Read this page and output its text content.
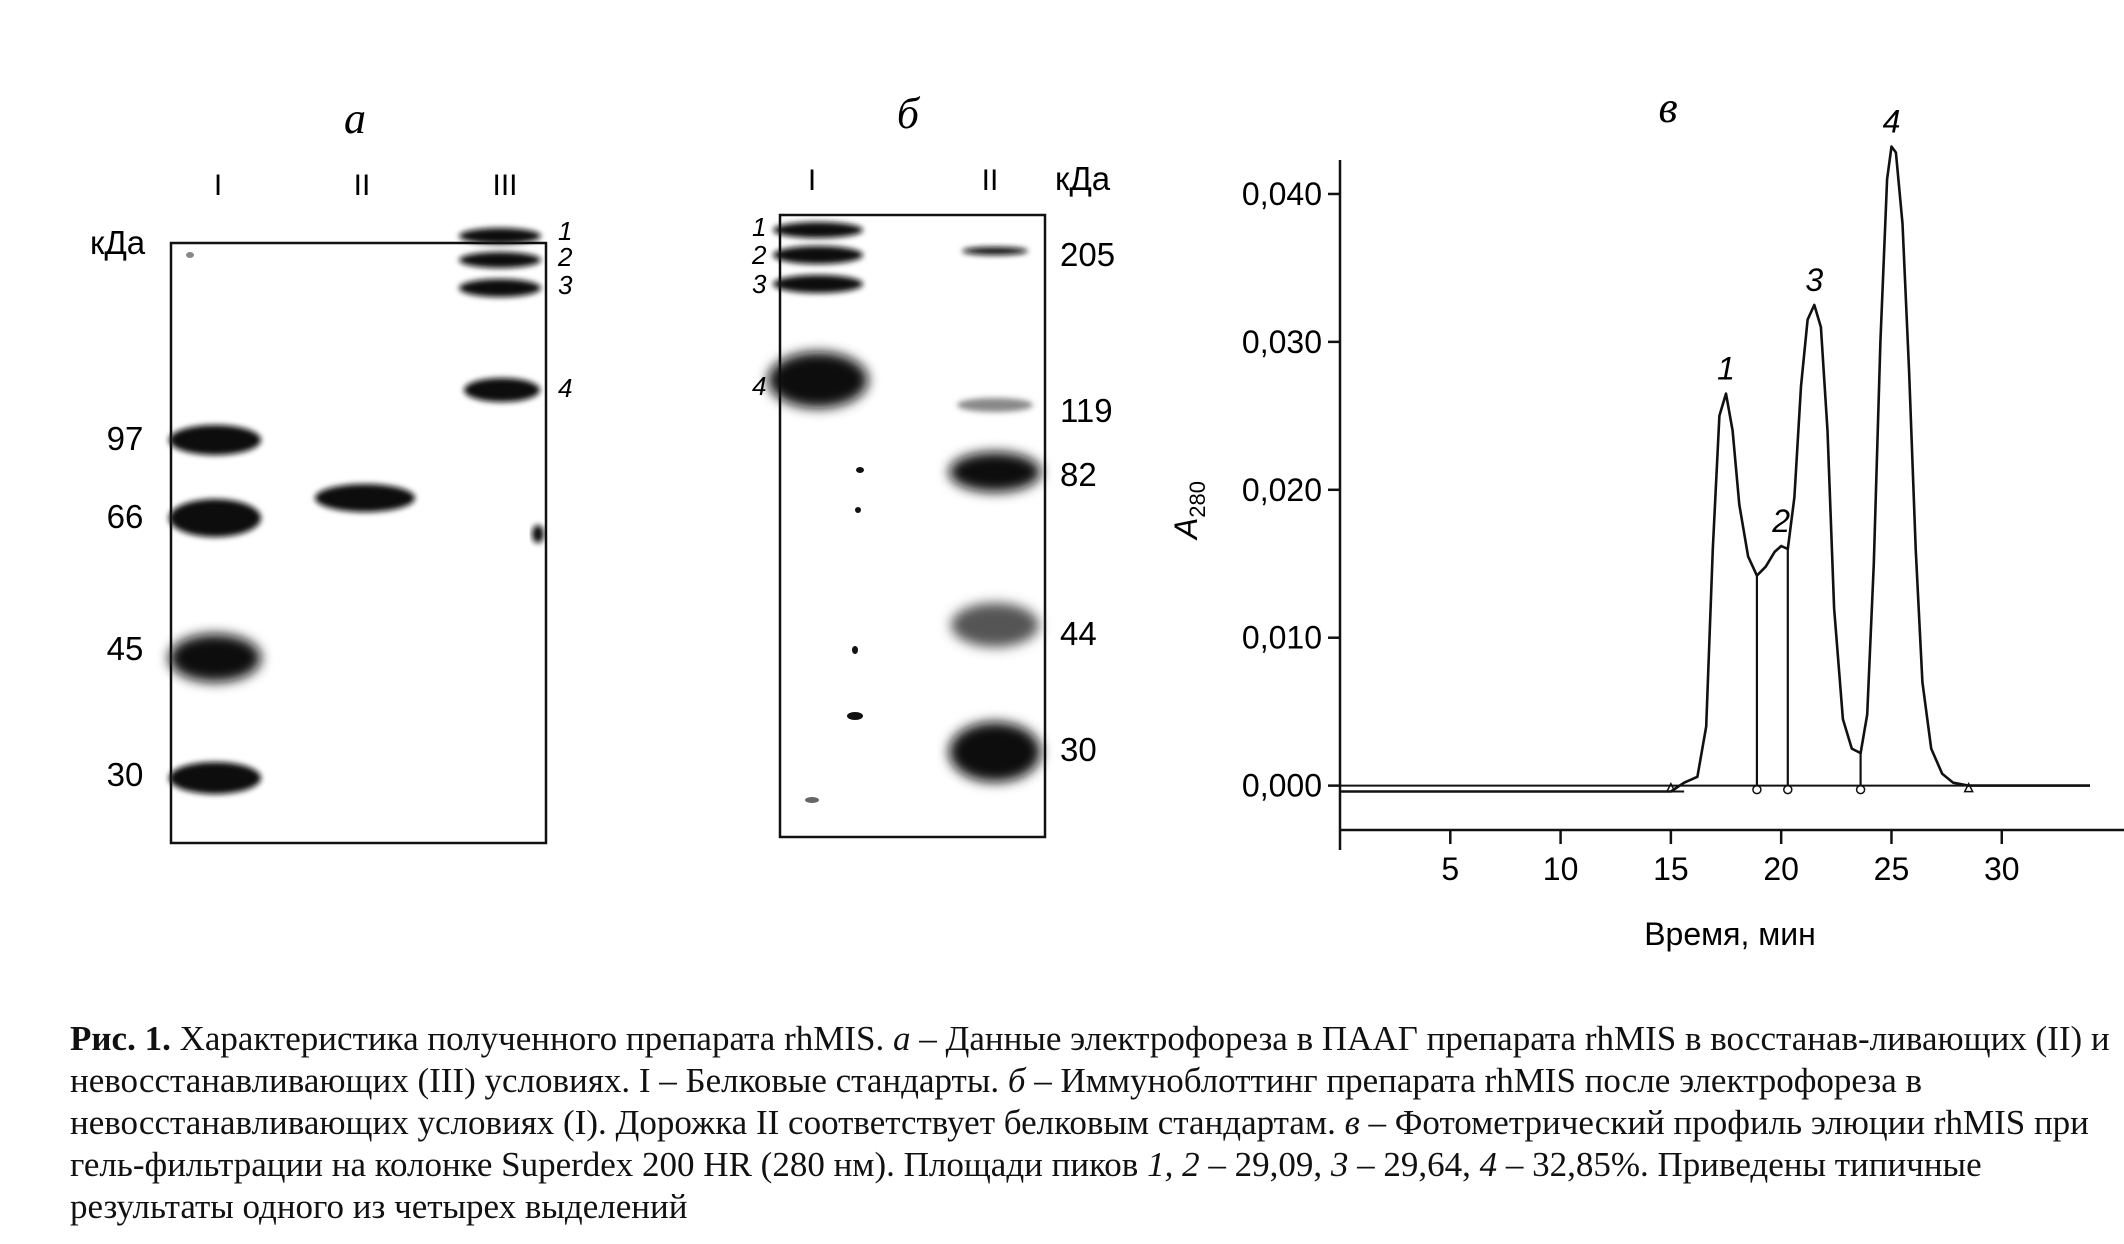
а
I	II	III
кДа
97
66
45
30
1
2
3
4
б
I	II кДа
1
2
3
4
205
119
82
44
30
в
$A_{280}$
Время, мин
0,000
0,010
0,020
0,030
0,040
5	10 15 20 25 30
1
2
3
4

Рис. 1. Характеристика полученного препарата rhMIS. а – Данные электрофореза в ПААГ препарата rhMIS в восстанав-ливающих (II) и невосстанавливающих (III) условиях. I – Белковые стандарты. б – Иммуноблоттинг препарата rhMIS после электрофореза в невосстанавливающих условиях (I). Дорожка II соответствует белковым стандартам. в – Фотометрический профиль элюции rhMIS при гель-фильтрации на колонке Superdex 200 HR (280 нм). Площади пиков 1, 2 – 29,09, 3 – 29,64, 4 – 32,85%. Приведены типичные результаты одного из четырех выделений
